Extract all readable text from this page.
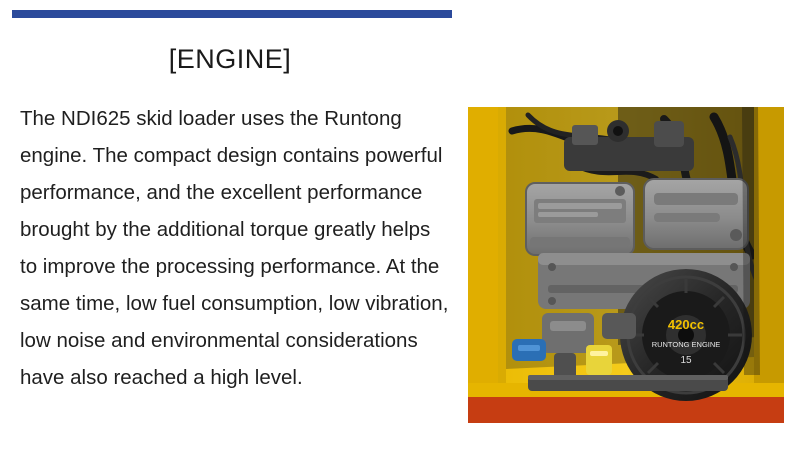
[ENGINE]
The NDI625 skid loader uses the Runtong engine. The compact design contains powerful performance, and the excellent performance brought by the additional torque greatly helps to improve the processing performance. At the same time, low fuel consumption, low vibration, low noise and environmental considerations have also reached a high level.
420cc
RUNTONG ENGINE
15
